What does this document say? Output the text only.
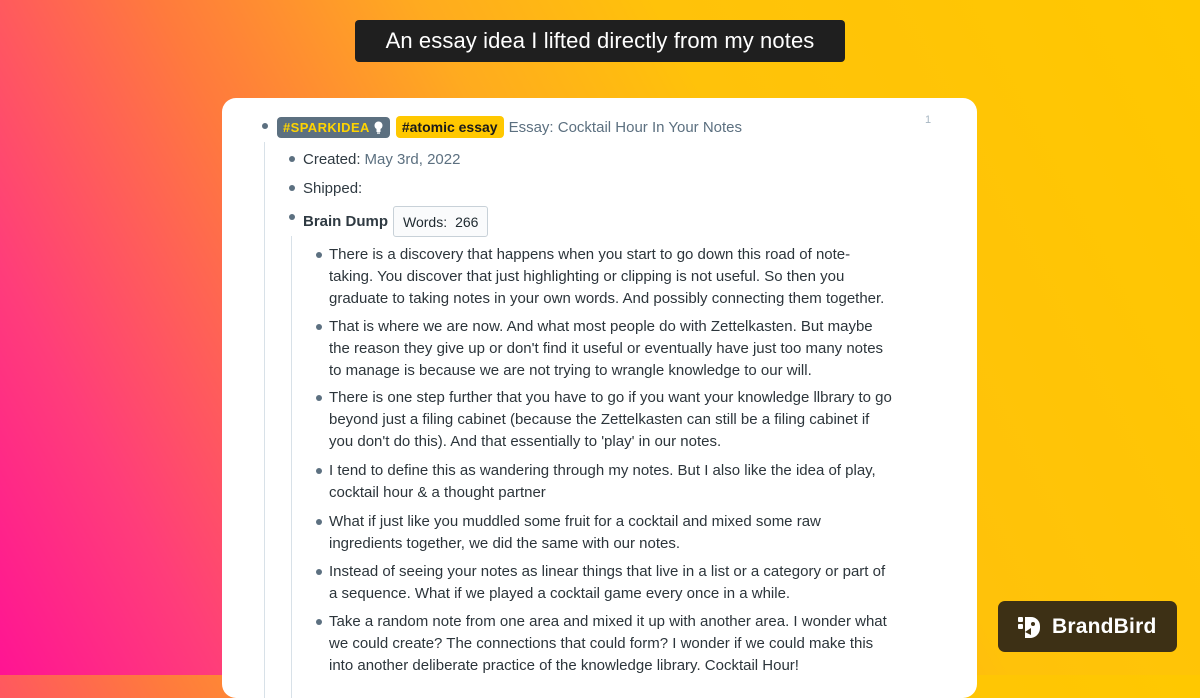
An essay idea I lifted directly from my notes
#SPARKIDEA	#atomic essay Essay: Cocktail Hour In Your Notes	1
Created: May 3rd, 2022
Shipped:
Brain Dump Words: 266

There is a discovery that happens when you start to go down this road of note-
taking. You discover that just highlighting or clipping is not useful. So then you
graduate to taking notes in your own words. And possibly connecting them together.

That is where we are now. And what most people do with Zettelkasten. But maybe
the reason they give up or don't find it useful or eventually have just too many notes
to manage is because we are not trying to wrangle knowledge to our will.

There is one step further that you have to go if you want your knowledge llbrary to go
beyond just a filing cabinet (because the Zettelkasten can still be a filing cabinet if
you don't do this). And that essentially to 'play' in our notes.

I tend to define this as wandering through my notes. But I also like the idea of play,
cocktail hour & a thought partner

What if just like you muddled some fruit for a cocktail and mixed some raw
ingredients together, we did the same with our notes.

Instead of seeing your notes as linear things that live in a list or a category or part of
a sequence. What if we played a cocktail game every once in a while.

Take a random note from one area and mixed it up with another area. I wonder what
we could create? The connections that could form? I wonder if we could make this
into another deliberate practice of the knowledge library. Cocktail Hour!

BrandBird
